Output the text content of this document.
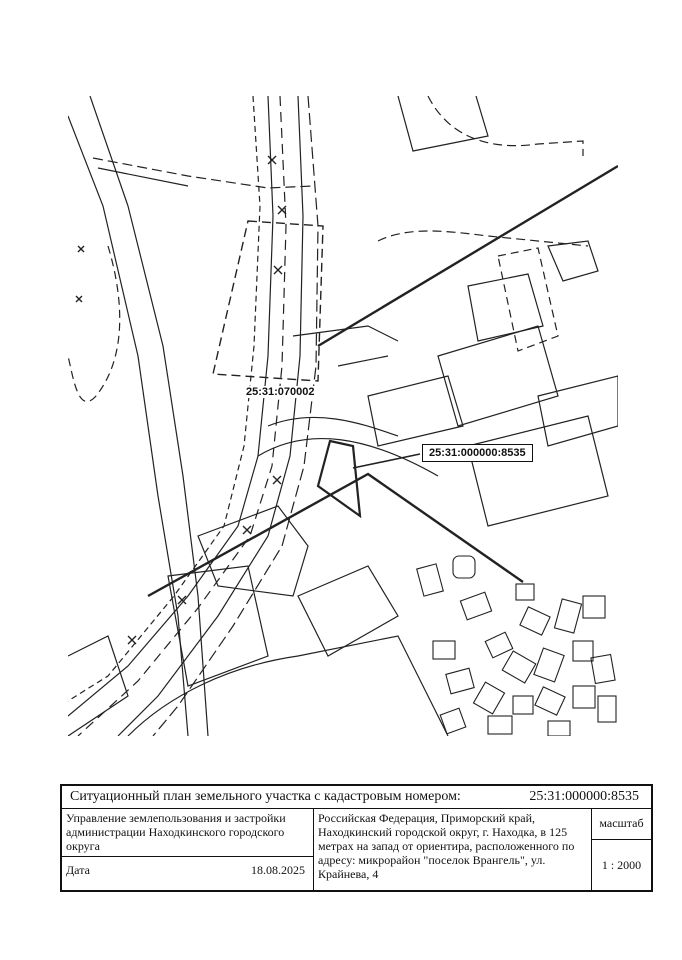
25:31:070002
25:31:000000:8535
Ситуационный план земельного участка с кадастровым номером:	25:31:000000:8535
Управление землепользования и застройки администрации Находкинского городского округа
Дата	18.08.2025
Российская Федерация, Приморский край, Находкинский городской округ, г. Находка, в 125 метрах на запад от ориентира, расположенного по адресу: микрорайон "поселок Врангель", ул. Крайнева, 4
масштаб
1 : 2000
